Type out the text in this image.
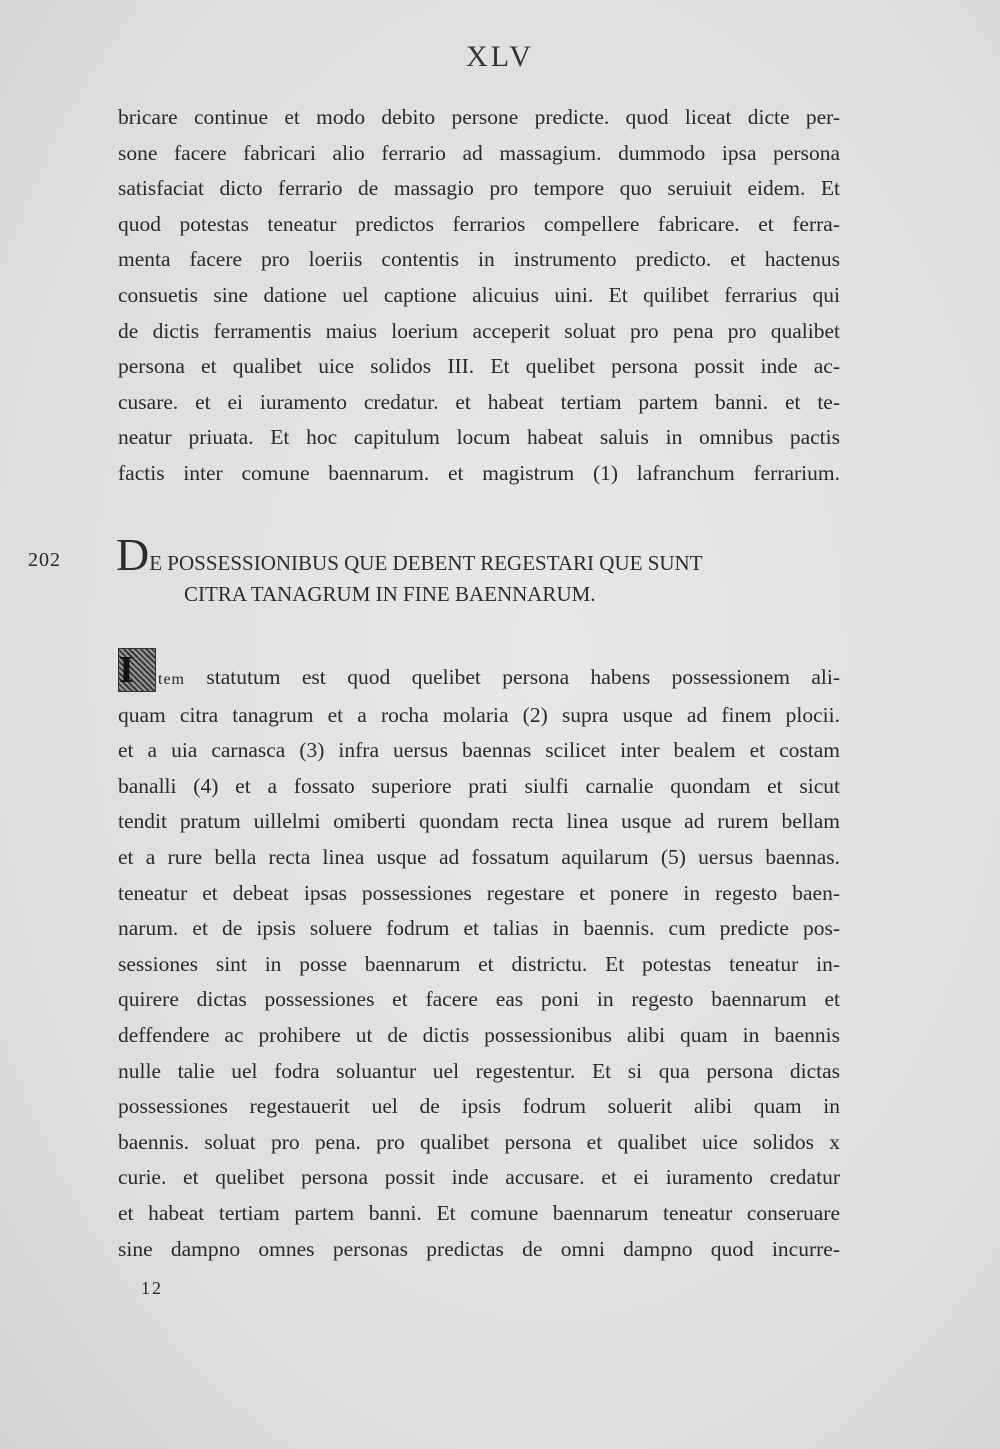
XLV
bricare continue et modo debito persone predicte. quod liceat dicte per-
sone facere fabricari alio ferrario ad massagium. dummodo ipsa persona
satisfaciat dicto ferrario de massagio pro tempore quo seruiuit eidem. Et
quod potestas teneatur predictos ferrarios compellere fabricare. et ferra-
menta facere pro loeriis contentis in instrumento predicto. et hactenus
consuetis sine datione uel captione alicuius uini. Et quilibet ferrarius qui
de dictis ferramentis maius loerium acceperit soluat pro pena pro qualibet
persona et qualibet uice solidos III. Et quelibet persona possit inde ac-
cusare. et ei iuramento credatur. et habeat tertiam partem banni. et te-
neatur priuata. Et hoc capitulum locum habeat saluis in omnibus pactis
factis inter comune baennarum. et magistrum (1) lafranchum ferrarium.
202 DE POSSESSIONIBUS QUE DEBENT REGESTARI QUE SUNT
CITRA TANAGRUM IN FINE BAENNARUM.
I	tem statutum est quod quelibet persona habens possessionem ali-
quam citra tanagrum et a rocha molaria (2) supra usque ad finem plocii.
et a uia carnasca (3) infra uersus baennas scilicet inter bealem et costam
banalli (4) et a fossato superiore prati siulfi carnalie quondam et sicut
tendit pratum uillelmi omiberti quondam recta linea usque ad rurem bellam
et a rure bella recta linea usque ad fossatum aquilarum (5) uersus baennas.
teneatur et debeat ipsas possessiones regestare et ponere in regesto baen-
narum. et de ipsis soluere fodrum et talias in baennis. cum predicte pos-
sessiones sint in posse baennarum et districtu. Et potestas teneatur in-
quirere dictas possessiones et facere eas poni in regesto baennarum et
deffendere ac prohibere ut de dictis possessionibus alibi quam in baennis
nulle talie uel fodra soluantur uel regestentur. Et si qua persona dictas
possessiones regestauerit uel de ipsis fodrum soluerit alibi quam in
baennis. soluat pro pena. pro qualibet persona et qualibet uice solidos x
curie. et quelibet persona possit inde accusare. et ei iuramento credatur
et habeat tertiam partem banni. Et comune baennarum teneatur conseruare
sine dampno omnes personas predictas de omni dampno quod incurre-
12
